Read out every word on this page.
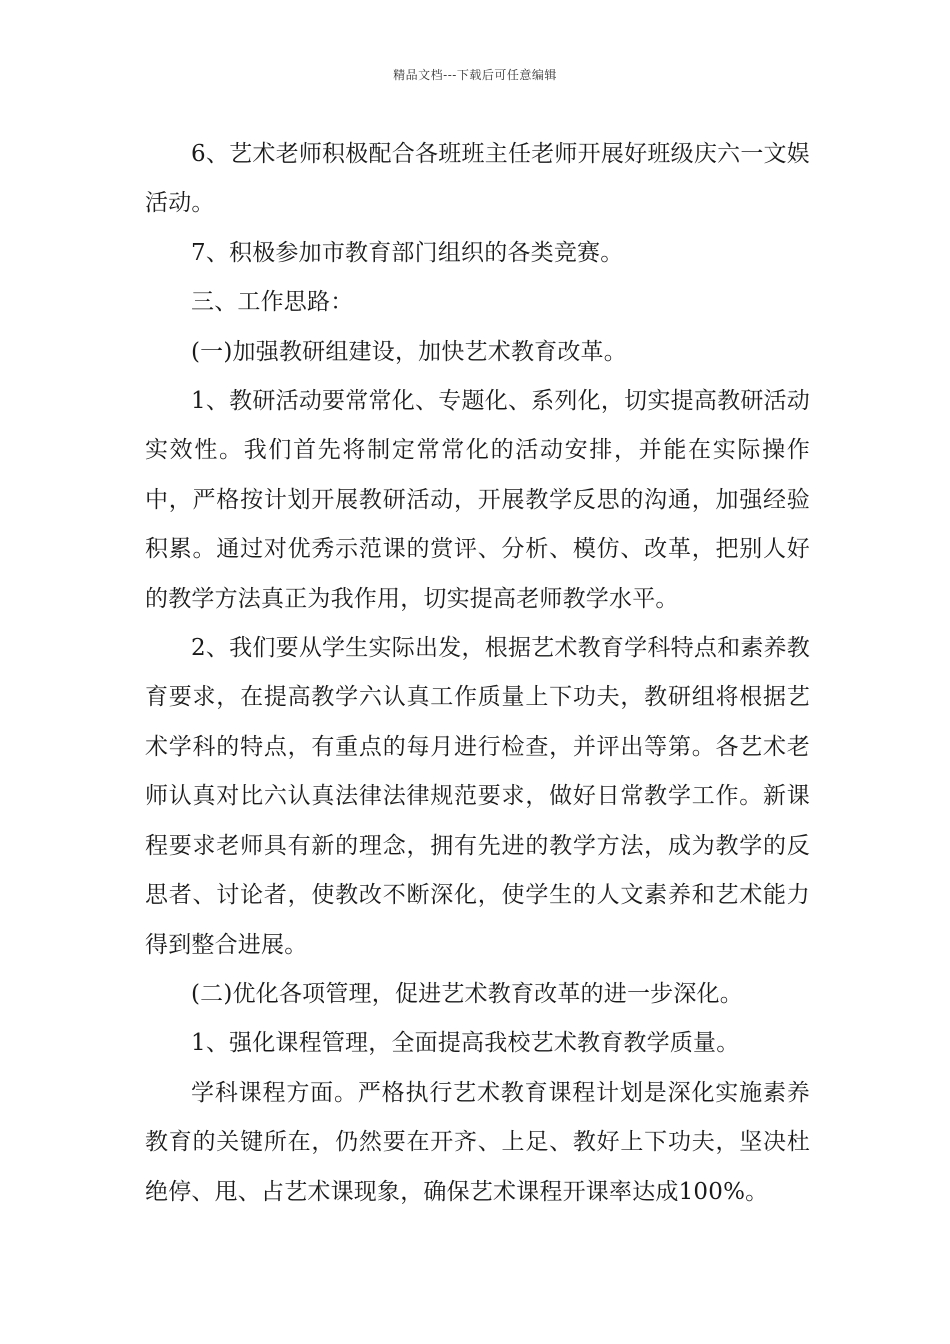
精品文档---下载后可任意编辑

6、艺术老师积极配合各班班主任老师开展好班级庆六一文娱活动。

7、积极参加市教育部门组织的各类竞赛。

三、工作思路：

(一)加强教研组建设，加快艺术教育改革。

1、教研活动要常常化、专题化、系列化，切实提高教研活动实效性。我们首先将制定常常化的活动安排，并能在实际操作中，严格按计划开展教研活动，开展教学反思的沟通，加强经验积累。通过对优秀示范课的赏评、分析、模仿、改革，把别人好的教学方法真正为我作用，切实提高老师教学水平。

2、我们要从学生实际出发，根据艺术教育学科特点和素养教育要求，在提高教学六认真工作质量上下功夫，教研组将根据艺术学科的特点，有重点的每月进行检查，并评出等第。各艺术老师认真对比六认真法律法律规范要求，做好日常教学工作。新课程要求老师具有新的理念，拥有先进的教学方法，成为教学的反思者、讨论者，使教改不断深化，使学生的人文素养和艺术能力得到整合进展。

(二)优化各项管理，促进艺术教育改革的进一步深化。

1、强化课程管理，全面提高我校艺术教育教学质量。

学科课程方面。严格执行艺术教育课程计划是深化实施素养教育的关键所在，仍然要在开齐、上足、教好上下功夫，坚决杜绝停、甩、占艺术课现象，确保艺术课程开课率达成100%。
